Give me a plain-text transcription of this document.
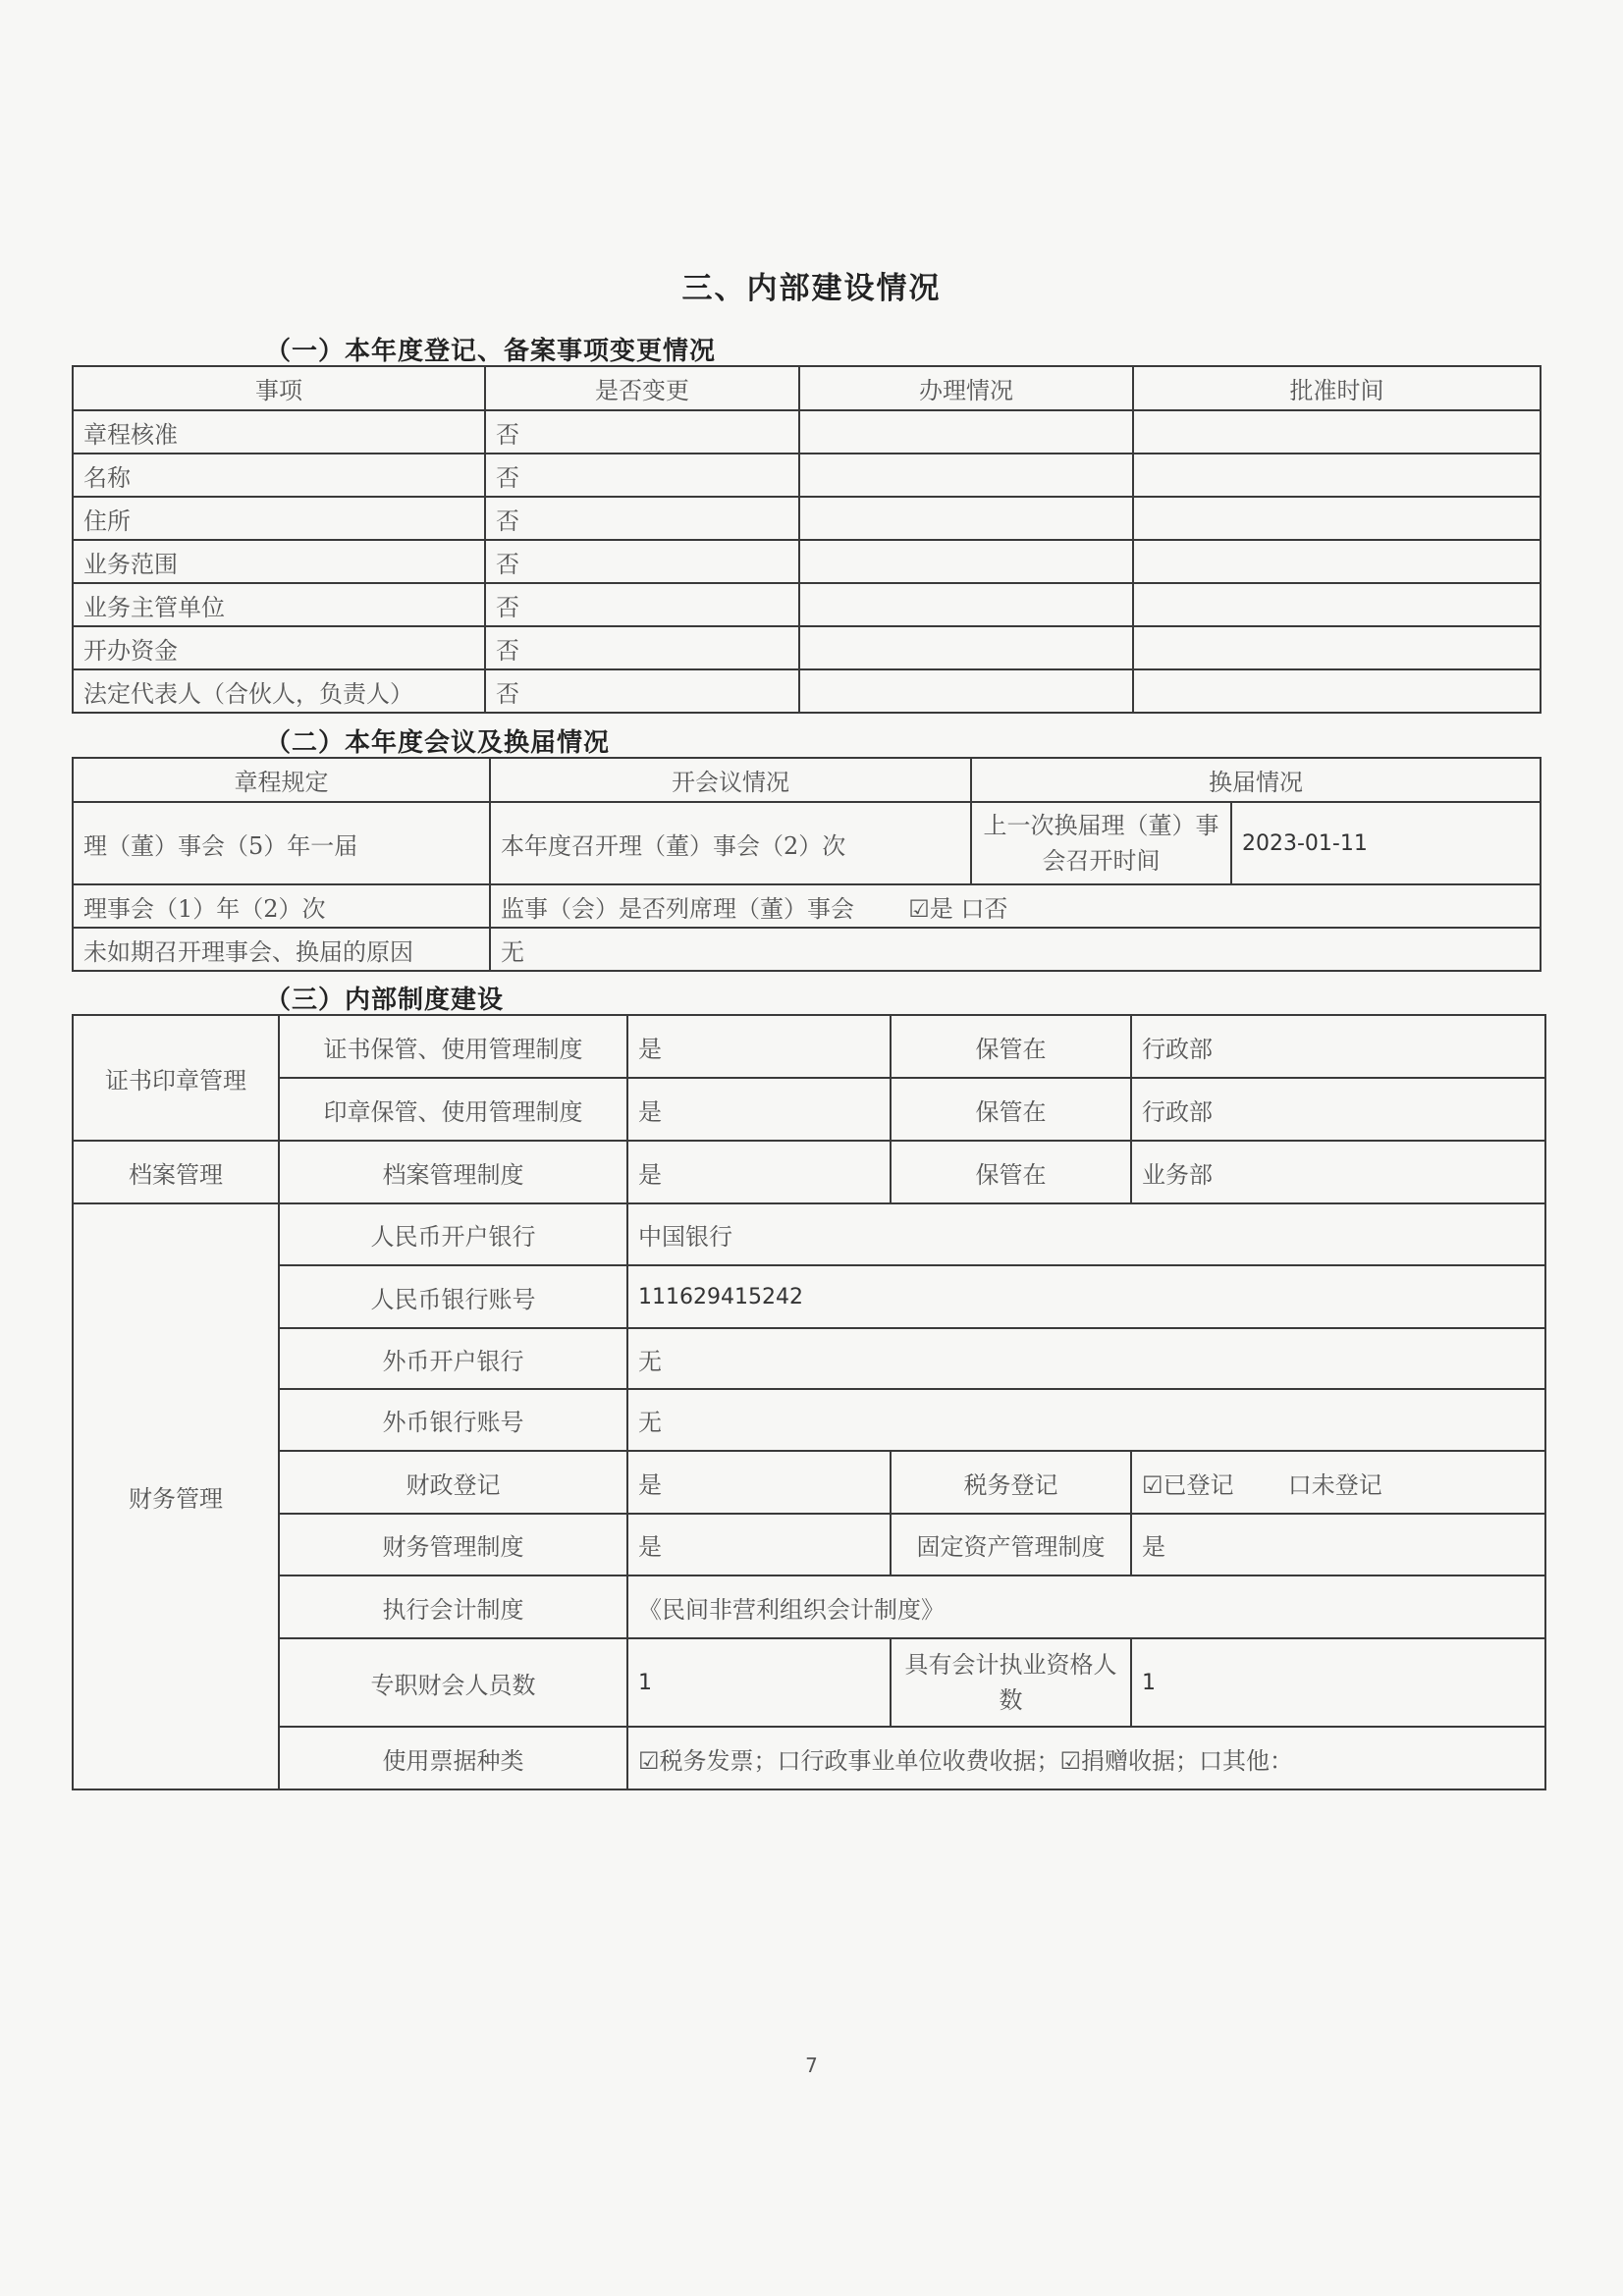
三、内部建设情况
（一）本年度登记、备案事项变更情况
事项	是否变更	办理情况	批准时间
章程核准	否		
名称	否		
住所	否		
业务范围	否		
业务主管单位	否		
开办资金	否		
法定代表人（合伙人，负责人）	否		
（二）本年度会议及换届情况
章程规定	开会议情况	换届情况	
理（董）事会（5）年一届	本年度召开理（董）事会（2）次	上一次换届理（董）事会召开时间	2023-01-11
理事会（1）年（2）次	监事（会）是否列席理（董）事会 ☑是 口否		
未如期召开理事会、换届的原因	无		
（三）内部制度建设
证书印章管理	证书保管、使用管理制度	是	保管在	行政部
	印章保管、使用管理制度	是	保管在	行政部
档案管理	档案管理制度	是	保管在	业务部
财务管理	人民币开户银行	中国银行		
	人民币银行账号	111629415242		
	外币开户银行	无		
	外币银行账号	无		
	财政登记	是	税务登记	☑已登记 口未登记
	财务管理制度	是	固定资产管理制度	是
	执行会计制度	《民间非营利组织会计制度》		
	专职财会人员数	1	具有会计执业资格人数	1
	使用票据种类	☑税务发票；口行政事业单位收费收据；☑捐赠收据；口其他：		
7
